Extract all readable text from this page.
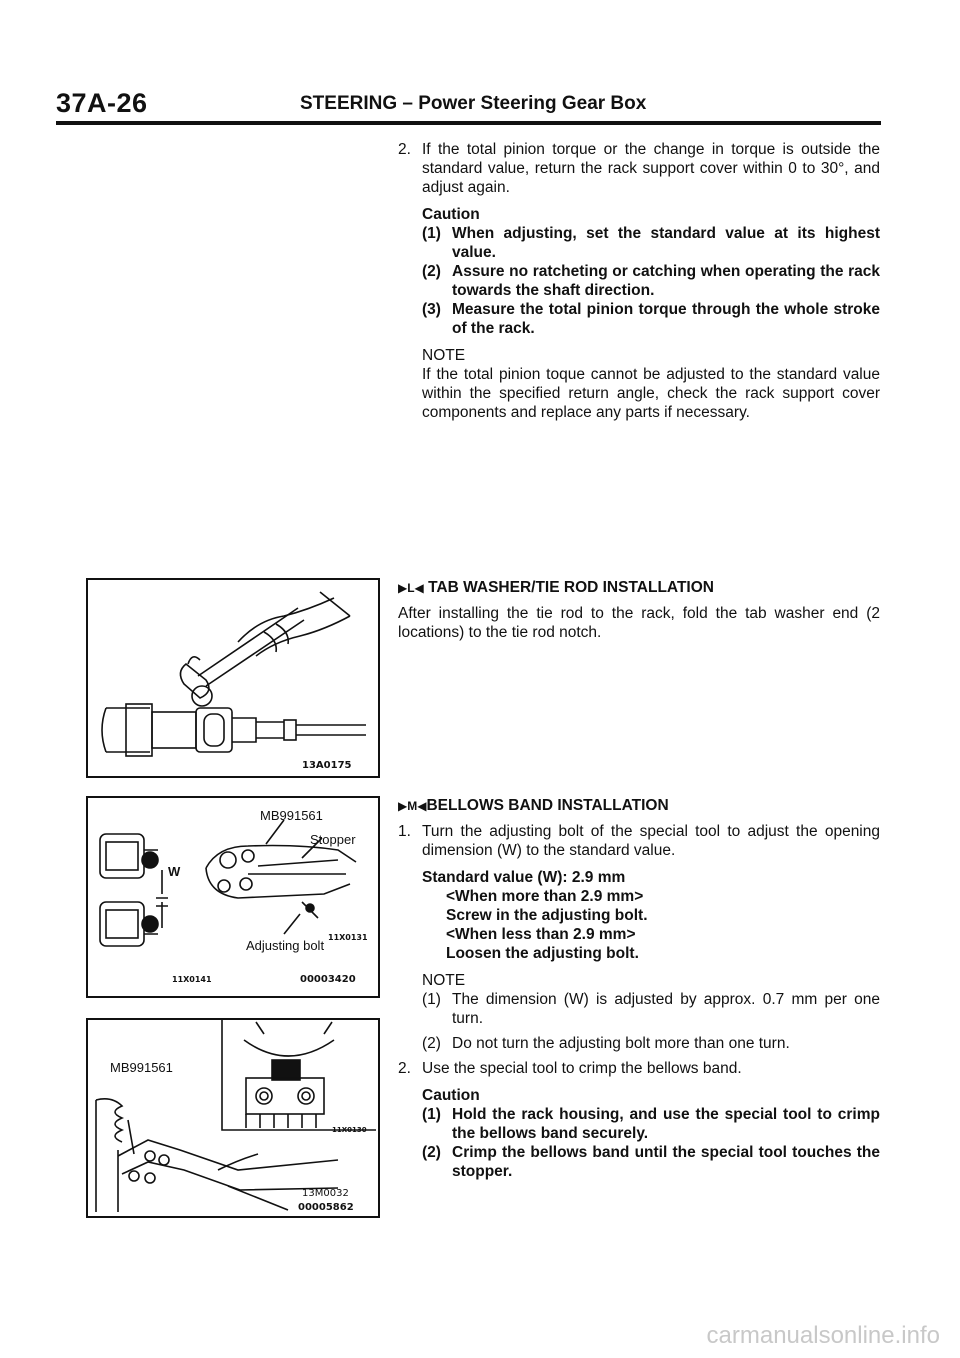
37A-26	STEERING – Power Steering Gear Box

2. If the total pinion torque or the change in torque is outside the standard value, return the rack support cover within 0 to 30°, and adjust again.

Caution

(1) When adjusting, set the standard value at its highest value.

(2) Assure no ratcheting or catching when operating the rack towards the shaft direction.

(3) Measure the total pinion torque through the whole stroke of the rack.

NOTE

If the total pinion toque cannot be adjusted to the standard value within the specified return angle, check the rack support cover components and replace any parts if necessary.

▶L◀ TAB WASHER/TIE ROD INSTALLATION

After installing the tie rod to the rack, fold the tab washer end (2 locations) to the tie rod notch.

▶M◀BELLOWS BAND INSTALLATION

1. Turn the adjusting bolt of the special tool to adjust the opening dimension (W) to the standard value.

Standard value (W): 2.9 mm

<When more than 2.9 mm>

Screw in the adjusting bolt.

<When less than 2.9 mm>

Loosen the adjusting bolt.

NOTE

(1) The dimension (W) is adjusted by approx. 0.7 mm per one turn.

(2) Do not turn the adjusting bolt more than one turn.

2. Use the special tool to crimp the bellows band.

Caution

(1) Hold the rack housing, and use the special tool to crimp the bellows band securely.

(2) Crimp the bellows band until the special tool touches the stopper.

13A0175
MB991561
Stopper
W
Adjusting bolt
11X0131
11X0141	00003420
MB991561
11X0130
13M0032
00005862
carmanualsonline.info
